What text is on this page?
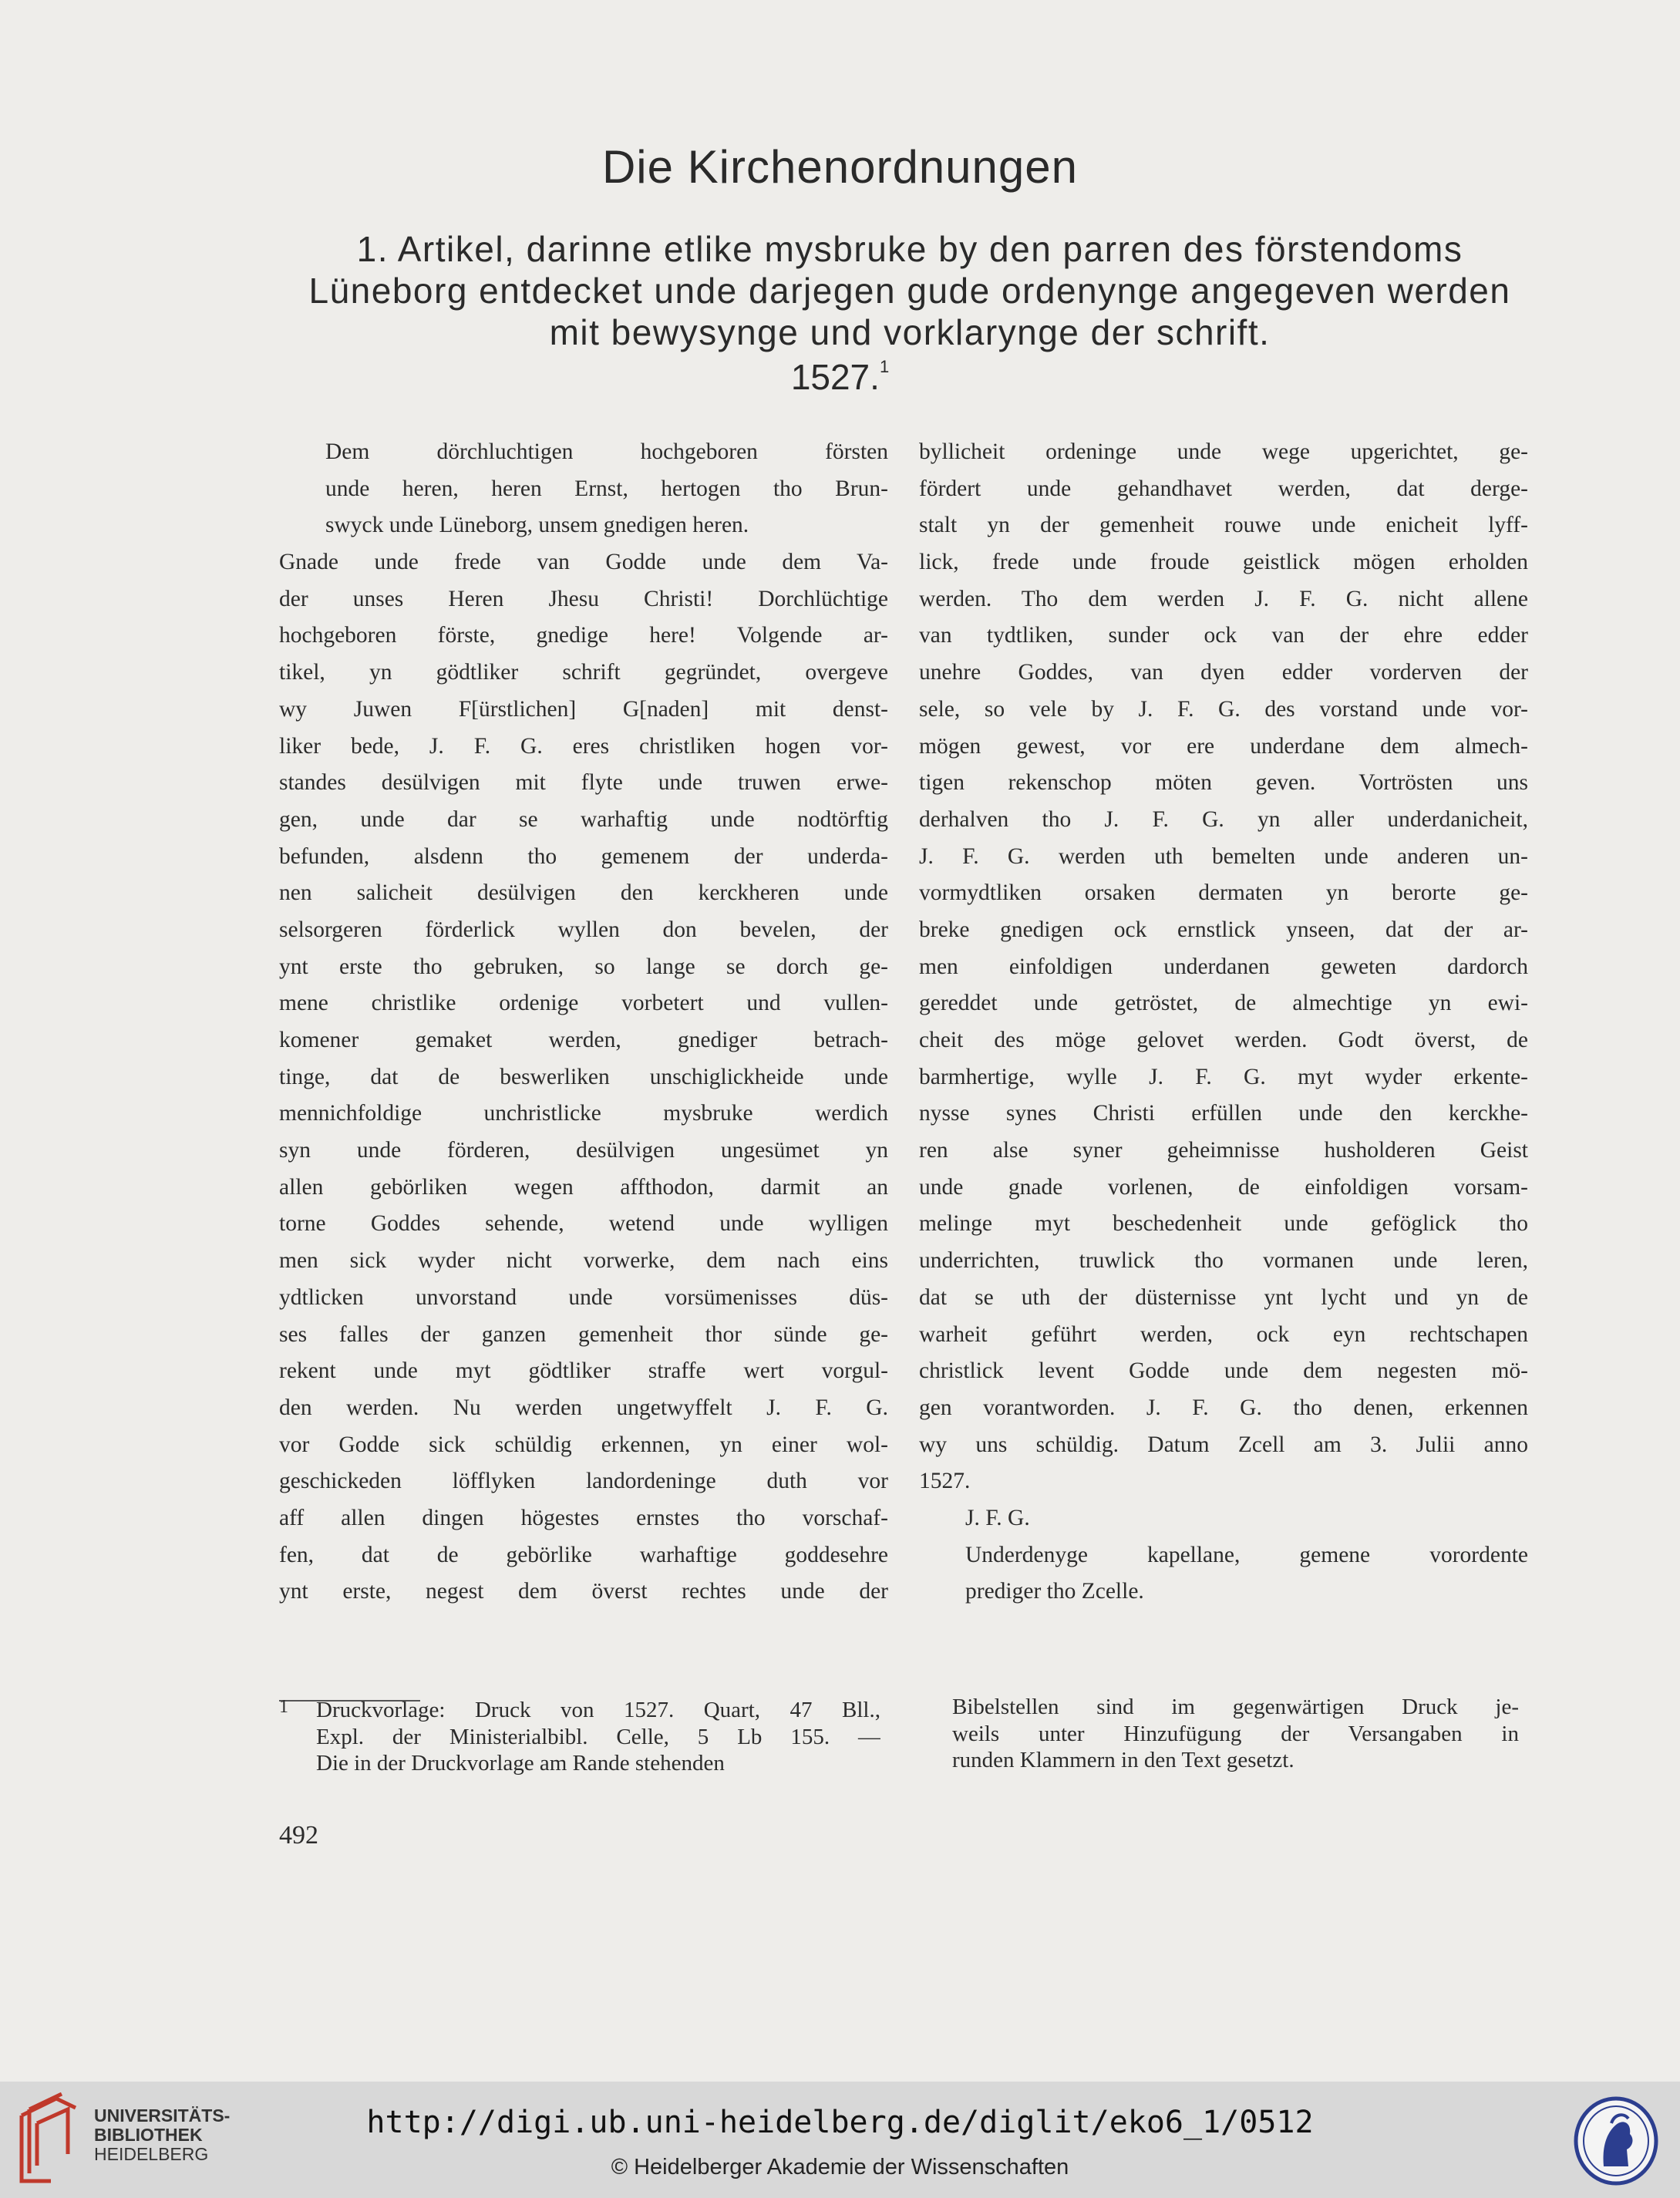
Die Kirchenordnungen
1. Artikel, darinne etlike mysbruke by den parren des förstendoms
Lüneborg entdecket unde darjegen gude ordenynge angegeven werden
mit bewysynge und vorklarynge der schrift.
1527.$^1$
Dem dörchluchtigen hochgeboren försten
unde heren, heren Ernst, hertogen tho Brun-
swyck unde Lüneborg, unsem gnedigen heren.
Gnade unde frede van Godde unde dem Va-
der unses Heren Jhesu Christi! Dorchlüchtige
hochgeboren förste, gnedige here! Volgende ar-
tikel, yn gödtliker schrift gegründet, overgeve
wy Juwen F[ürstlichen] G[naden] mit denst-
liker bede, J. F. G. eres christliken hogen vor-
standes desülvigen mit flyte unde truwen erwe-
gen, unde dar se warhaftig unde nodtörftig
befunden, alsdenn tho gemenem der underda-
nen salicheit desülvigen den kerckheren unde
selsorgeren förderlick wyllen don bevelen, der
ynt erste tho gebruken, so lange se dorch ge-
mene christlike ordenige vorbetert und vullen-
komener gemaket werden, gnediger betrach-
tinge, dat de beswerliken unschiglickheide unde
mennichfoldige unchristlicke mysbruke werdich
syn unde förderen, desülvigen ungesümet yn
allen gebörliken wegen affthodon, darmit an
torne Goddes sehende, wetend unde wylligen
men sick wyder nicht vorwerke, dem nach eins
ydtlicken unvorstand unde vorsümenisses düs-
ses falles der ganzen gemenheit thor sünde ge-
rekent unde myt gödtliker straffe wert vorgul-
den werden. Nu werden ungetwyffelt J. F. G.
vor Godde sick schüldig erkennen, yn einer wol-
geschickeden löfflyken landordeninge duth vor
aff allen dingen högestes ernstes tho vorschaf-
fen, dat de gebörlike warhaftige goddesehre
ynt erste, negest dem överst rechtes unde der
byllicheit ordeninge unde wege upgerichtet, ge-
fördert unde gehandhavet werden, dat derge-
stalt yn der gemenheit rouwe unde enicheit lyff-
lick, frede unde froude geistlick mögen erholden
werden. Tho dem werden J. F. G. nicht allene
van tydtliken, sunder ock van der ehre edder
unehre Goddes, van dyen edder vorderven der
sele, so vele by J. F. G. des vorstand unde vor-
mögen gewest, vor ere underdane dem almech-
tigen rekenschop möten geven. Vortrösten uns
derhalven tho J. F. G. yn aller underdanicheit,
J. F. G. werden uth bemelten unde anderen un-
vormydtliken orsaken dermaten yn berorte ge-
breke gnedigen ock ernstlick ynseen, dat der ar-
men einfoldigen underdanen geweten dardorch
gereddet unde getröstet, de almechtige yn ewi-
cheit des möge gelovet werden. Godt överst, de
barmhertige, wylle J. F. G. myt wyder erkente-
nysse synes Christi erfüllen unde den kerckhe-
ren alse syner geheimnisse husholderen Geist
unde gnade vorlenen, de einfoldigen vorsam-
melinge myt beschedenheit unde geföglick tho
underrichten, truwlick tho vormanen unde leren,
dat se uth der düsternisse ynt lycht und yn de
warheit geführt werden, ock eyn rechtschapen
christlick levent Godde unde dem negesten mö-
gen vorantworden. J. F. G. tho denen, erkennen
wy uns schüldig. Datum Zcell am 3. Julii anno
1527.
J. F. G.
Underdenyge kapellane, gemene vorordente
prediger tho Zcelle.
1 Druckvorlage: Druck von 1527. Quart, 47 Bll.,
Expl. der Ministerialbibl. Celle, 5 Lb 155. —
Die in der Druckvorlage am Rande stehenden
Bibelstellen sind im gegenwärtigen Druck je-
weils unter Hinzufügung der Versangaben in
runden Klammern in den Text gesetzt.
492
UNIVERSITÄTS-
BIBLIOTHEK
HEIDELBERG
http://digi.ub.uni-heidelberg.de/diglit/eko6_1/0512
© Heidelberger Akademie der Wissenschaften
